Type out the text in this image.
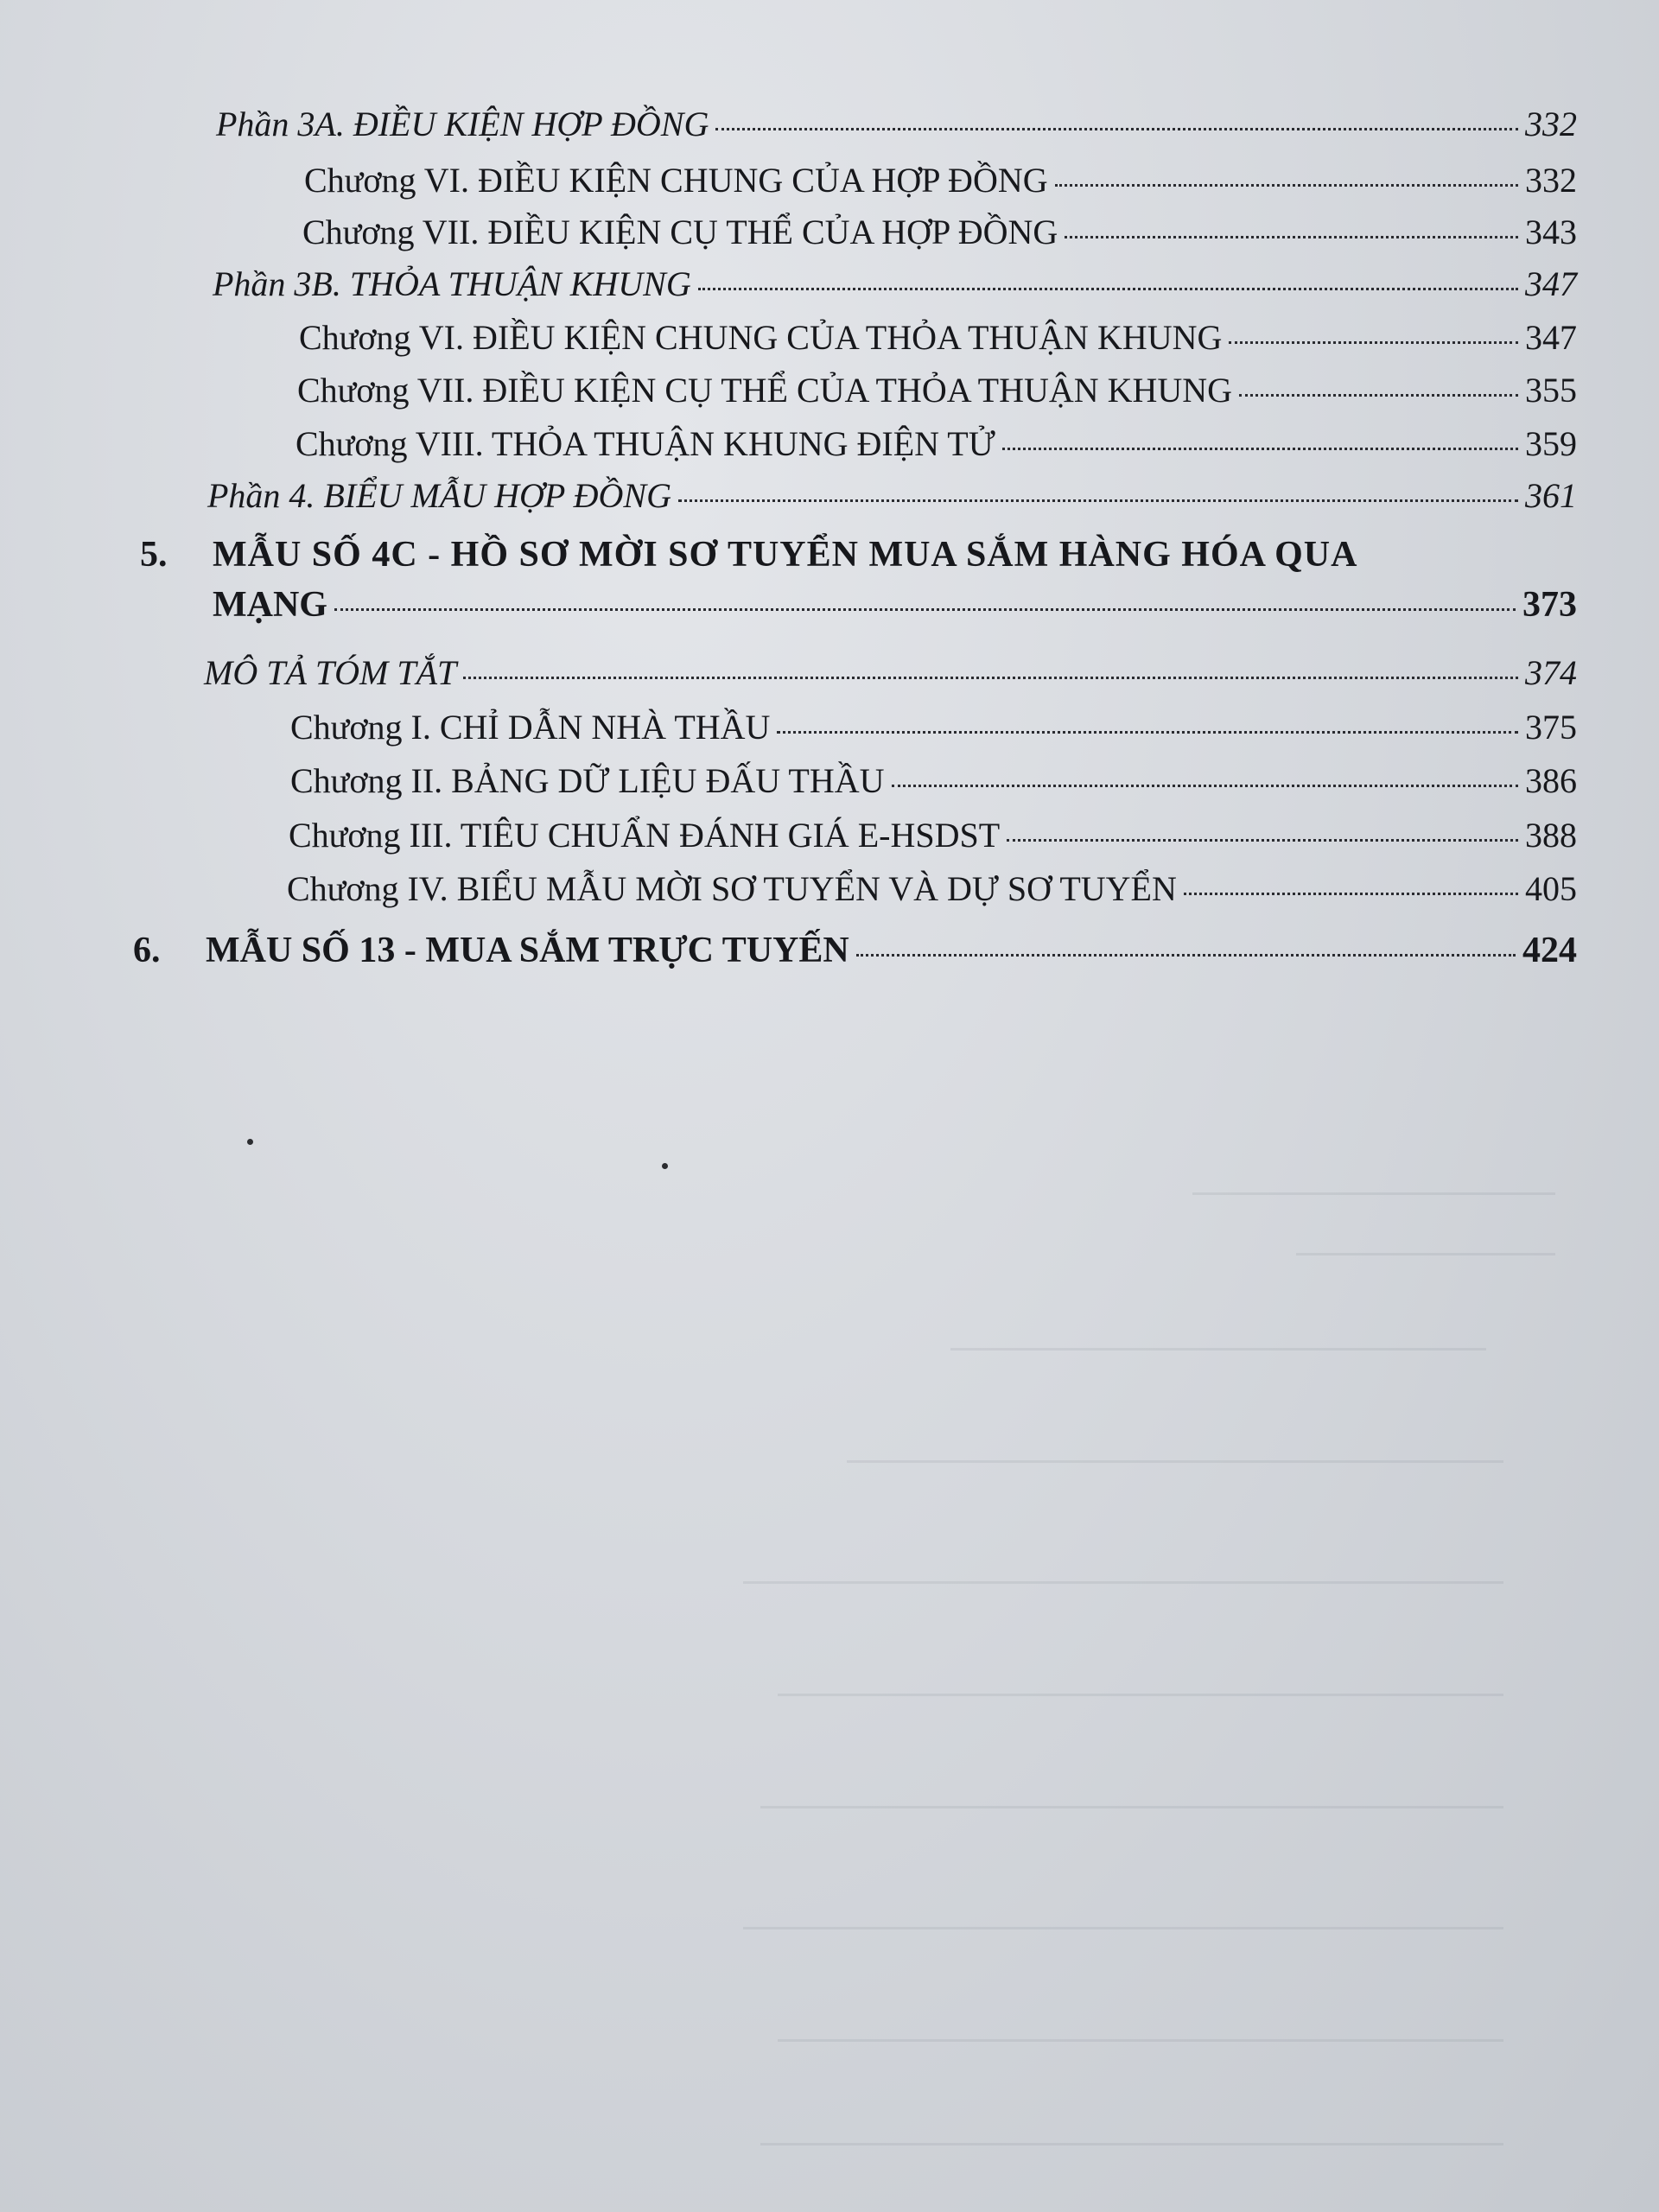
Phần 3A. ĐIỀU KIỆN HỢP ĐỒNG	332
Chương VI. ĐIỀU KIỆN CHUNG CỦA HỢP ĐỒNG	332
Chương VII. ĐIỀU KIỆN CỤ THỂ CỦA HỢP ĐỒNG	343
Phần 3B. THỎA THUẬN KHUNG	347
Chương VI. ĐIỀU KIỆN CHUNG CỦA THỎA THUẬN KHUNG	347
Chương VII. ĐIỀU KIỆN CỤ THỂ CỦA THỎA THUẬN KHUNG	355
Chương VIII. THỎA THUẬN KHUNG ĐIỆN TỬ	359
Phần 4. BIỂU MẪU HỢP ĐỒNG	361
5. MẪU SỐ 4C - HỒ SƠ MỜI SƠ TUYỂN MUA SẮM HÀNG HÓA QUA
MẠNG	373
MÔ TẢ TÓM TẮT	374
Chương I. CHỈ DẪN NHÀ THẦU	375
Chương II. BẢNG DỮ LIỆU ĐẤU THẦU	386
Chương III. TIÊU CHUẨN ĐÁNH GIÁ E-HSDST	388
Chương IV. BIỂU MẪU MỜI SƠ TUYỂN VÀ DỰ SƠ TUYỂN	405
6. MẪU SỐ 13 - MUA SẮM TRỰC TUYẾN	424
